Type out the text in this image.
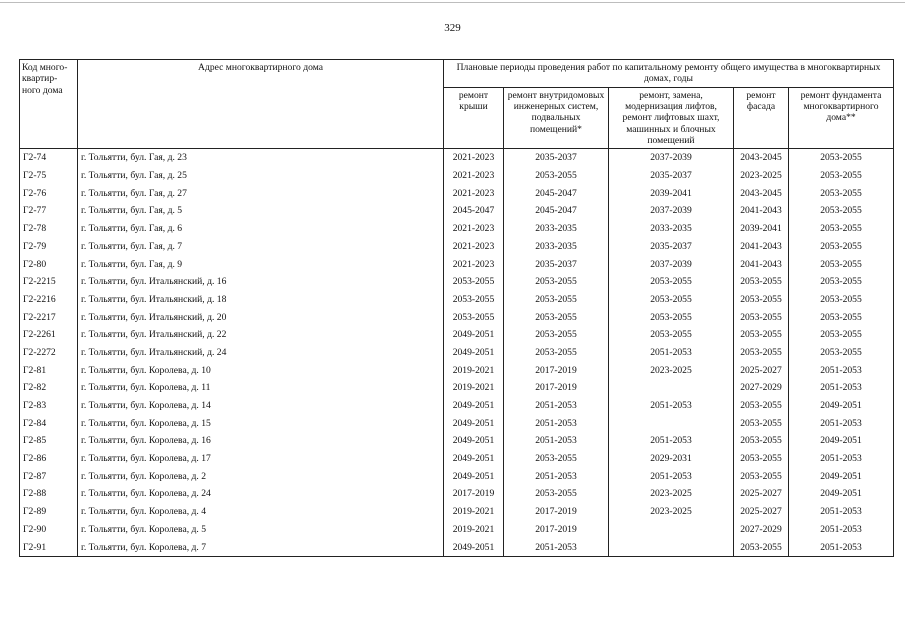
329
Код много-квартир-ного дома	Адрес многоквартирного дома	Плановые периоды проведения работ по капитальному ремонту общего имущества в многоквартирных домах, годы				
		ремонт крыши	ремонт внутридомовых инженерных систем, подвальных помещений*	ремонт, замена, модернизация лифтов, ремонт лифтовых шахт, машинных и блочных помещений	ремонт фасада	ремонт фундамента многоквартирного дома**
Г2-74	г. Тольятти, бул. Гая, д. 23	2021-2023	2035-2037	2037-2039	2043-2045	2053-2055
Г2-75	г. Тольятти, бул. Гая, д. 25	2021-2023	2053-2055	2035-2037	2023-2025	2053-2055
Г2-76	г. Тольятти, бул. Гая, д. 27	2021-2023	2045-2047	2039-2041	2043-2045	2053-2055
Г2-77	г. Тольятти, бул. Гая, д. 5	2045-2047	2045-2047	2037-2039	2041-2043	2053-2055
Г2-78	г. Тольятти, бул. Гая, д. 6	2021-2023	2033-2035	2033-2035	2039-2041	2053-2055
Г2-79	г. Тольятти, бул. Гая, д. 7	2021-2023	2033-2035	2035-2037	2041-2043	2053-2055
Г2-80	г. Тольятти, бул. Гая, д. 9	2021-2023	2035-2037	2037-2039	2041-2043	2053-2055
Г2-2215	г. Тольятти, бул. Итальянский, д. 16	2053-2055	2053-2055	2053-2055	2053-2055	2053-2055
Г2-2216	г. Тольятти, бул. Итальянский, д. 18	2053-2055	2053-2055	2053-2055	2053-2055	2053-2055
Г2-2217	г. Тольятти, бул. Итальянский, д. 20	2053-2055	2053-2055	2053-2055	2053-2055	2053-2055
Г2-2261	г. Тольятти, бул. Итальянский, д. 22	2049-2051	2053-2055	2053-2055	2053-2055	2053-2055
Г2-2272	г. Тольятти, бул. Итальянский, д. 24	2049-2051	2053-2055	2051-2053	2053-2055	2053-2055
Г2-81	г. Тольятти, бул. Королева, д. 10	2019-2021	2017-2019	2023-2025	2025-2027	2051-2053
Г2-82	г. Тольятти, бул. Королева, д. 11	2019-2021	2017-2019		2027-2029	2051-2053
Г2-83	г. Тольятти, бул. Королева, д. 14	2049-2051	2051-2053	2051-2053	2053-2055	2049-2051
Г2-84	г. Тольятти, бул. Королева, д. 15	2049-2051	2051-2053		2053-2055	2051-2053
Г2-85	г. Тольятти, бул. Королева, д. 16	2049-2051	2051-2053	2051-2053	2053-2055	2049-2051
Г2-86	г. Тольятти, бул. Королева, д. 17	2049-2051	2053-2055	2029-2031	2053-2055	2051-2053
Г2-87	г. Тольятти, бул. Королева, д. 2	2049-2051	2051-2053	2051-2053	2053-2055	2049-2051
Г2-88	г. Тольятти, бул. Королева, д. 24	2017-2019	2053-2055	2023-2025	2025-2027	2049-2051
Г2-89	г. Тольятти, бул. Королева, д. 4	2019-2021	2017-2019	2023-2025	2025-2027	2051-2053
Г2-90	г. Тольятти, бул. Королева, д. 5	2019-2021	2017-2019		2027-2029	2051-2053
Г2-91	г. Тольятти, бул. Королева, д. 7	2049-2051	2051-2053		2053-2055	2051-2053
